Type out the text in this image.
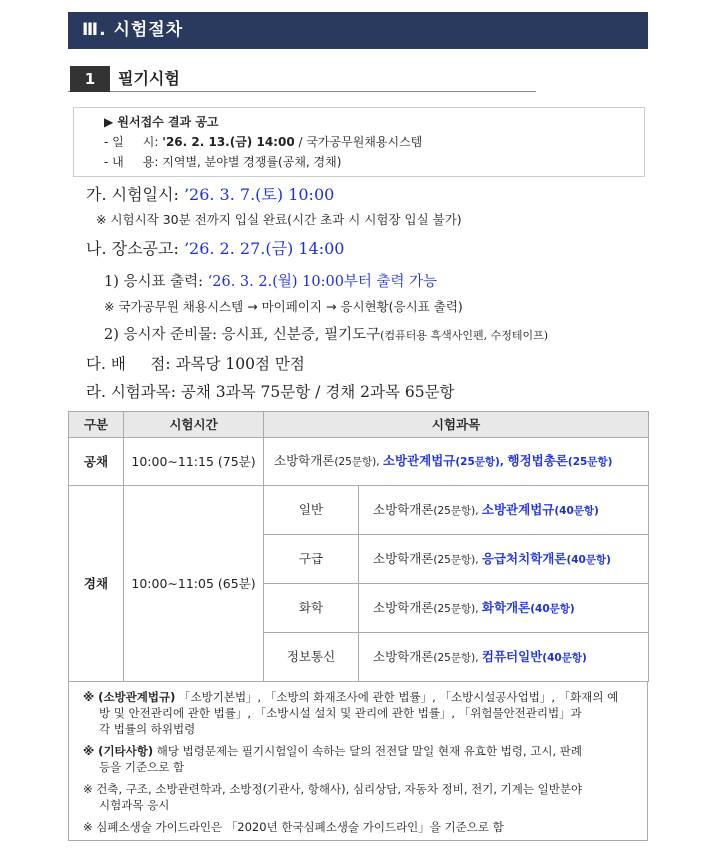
Ⅲ. 시험절차
1	필기시험
▶ 원서접수 결과 공고
- 일     시: '26. 2. 13.(금) 14:00 / 국가공무원채용시스템
- 내     용: 지역별, 분야별 경쟁률(공채, 경채)
가. 시험일시: ’26. 3. 7.(토) 10:00
※ 시험시작 30분 전까지 입실 완료(시간 초과 시 시험장 입실 불가)
나. 장소공고: ’26. 2. 27.(금) 14:00
1) 응시표 출력: ‘26. 3. 2.(월) 10:00부터 출력 가능
※ 국가공무원 채용시스템 → 마이페이지 → 응시현황(응시표 출력)
2) 응시자 준비물: 응시표, 신분증, 필기도구(컴퓨터용 흑색사인펜, 수정테이프)
다. 배     점: 과목당 100점 만점
라. 시험과목: 공채 3과목 75문항 / 경채 2과목 65문항
구분	시험시간	시험과목	
공채	10:00∼11:15 (75분)	소방학개론(25문항), 소방관계법규(25문항), 행정법총론(25문항)	
경채	10:00∼11:05 (65분)	일반	소방학개론(25문항), 소방관계법규(40문항)
		구급	소방학개론(25문항), 응급처치학개론(40문항)
		화학	소방학개론(25문항), 화학개론(40문항)
		정보통신	소방학개론(25문항), 컴퓨터일반(40문항)
※ (소방관계법규) 「소방기본법」, 「소방의 화재조사에 관한 법률」, 「소방시설공사업법」, 「화재의 예
방 및 안전관리에 관한 법률」, 「소방시설 설치 및 관리에 관한 법률」, 「위험물안전관리법」과
각 법률의 하위법령
※ (기타사항) 해당 법령문제는 필기시험일이 속하는 달의 전전달 말일 현재 유효한 법령, 고시, 판례
등을 기준으로 함
※ 건축, 구조, 소방관련학과, 소방정(기관사, 항해사), 심리상담, 자동차 정비, 전기, 기계는 일반분야
시험과목 응시
※ 심폐소생술 가이드라인은 「2020년 한국심폐소생술 가이드라인」을 기준으로 함
